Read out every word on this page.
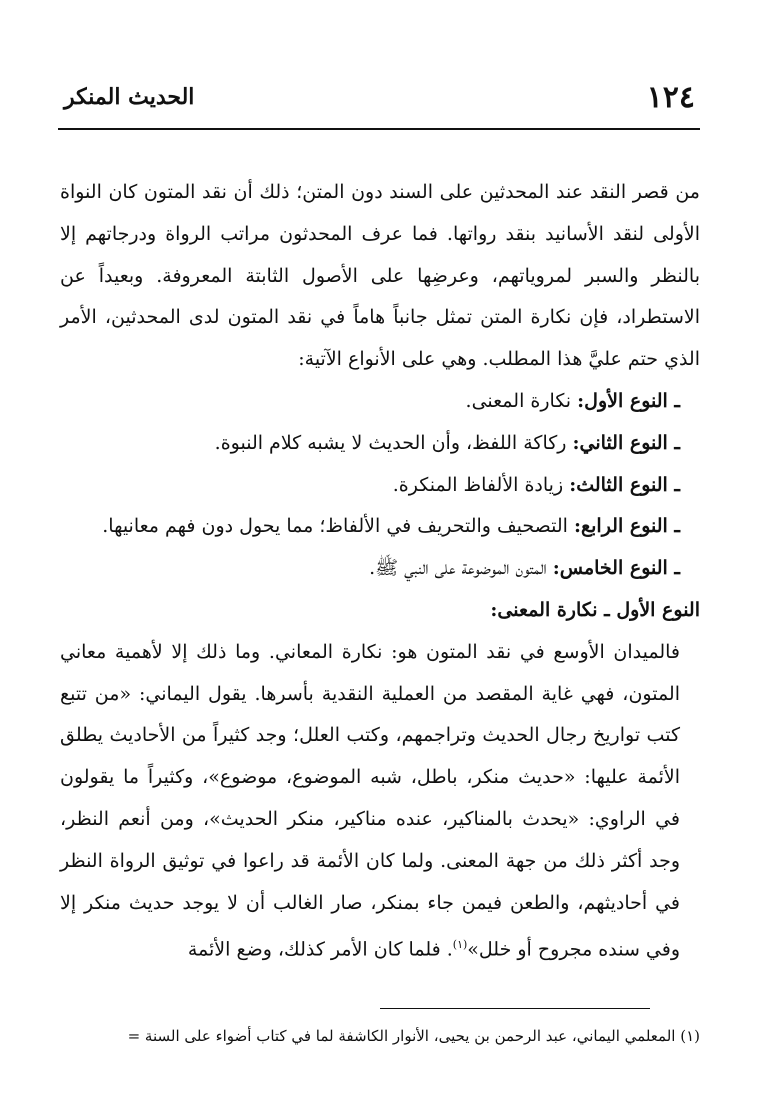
١٢٤
الحديث المنكر

من قصر النقد عند المحدثين على السند دون المتن؛ ذلك أن نقد المتون كان النواة الأولى لنقد الأسانيد بنقد رواتها. فما عرف المحدثون مراتب الرواة ودرجاتهم إلا بالنظر والسبر لمروياتهم، وعرضِها على الأصول الثابتة المعروفة. وبعيداً عن الاستطراد، فإن نكارة المتن تمثل جانباً هاماً في نقد المتون لدى المحدثين، الأمر الذي حتم عليَّ هذا المطلب. وهي على الأنواع الآتية:

ـ النوع الأول: نكارة المعنى.

ـ النوع الثاني: ركاكة اللفظ، وأن الحديث لا يشبه كلام النبوة.

ـ النوع الثالث: زيادة الألفاظ المنكرة.

ـ النوع الرابع: التصحيف والتحريف في الألفاظ؛ مما يحول دون فهم معانيها.

ـ النوع الخامس: المتون الموضوعة على النبي ﷺ.

النوع الأول ـ نكارة المعنى:

فالميدان الأوسع في نقد المتون هو: نكارة المعاني. وما ذلك إلا لأهمية معاني المتون، فهي غاية المقصد من العملية النقدية بأسرها. يقول اليماني: «من تتبع كتب تواريخ رجال الحديث وتراجمهم، وكتب العلل؛ وجد كثيراً من الأحاديث يطلق الأئمة عليها: «حديث منكر، باطل، شبه الموضوع، موضوع»، وكثيراً ما يقولون في الراوي: «يحدث بالمناكير، عنده مناكير، منكر الحديث»، ومن أنعم النظر، وجد أكثر ذلك من جهة المعنى. ولما كان الأئمة قد راعوا في توثيق الرواة النظر في أحاديثهم، والطعن فيمن جاء بمنكر، صار الغالب أن لا يوجد حديث منكر إلا وفي سنده مجروح أو خلل»$^{(١)}$. فلما كان الأمر كذلك، وضع الأئمة

(١) المعلمي اليماني، عبد الرحمن بن يحيى، الأنوار الكاشفة لما في كتاب أضواء على السنة =
